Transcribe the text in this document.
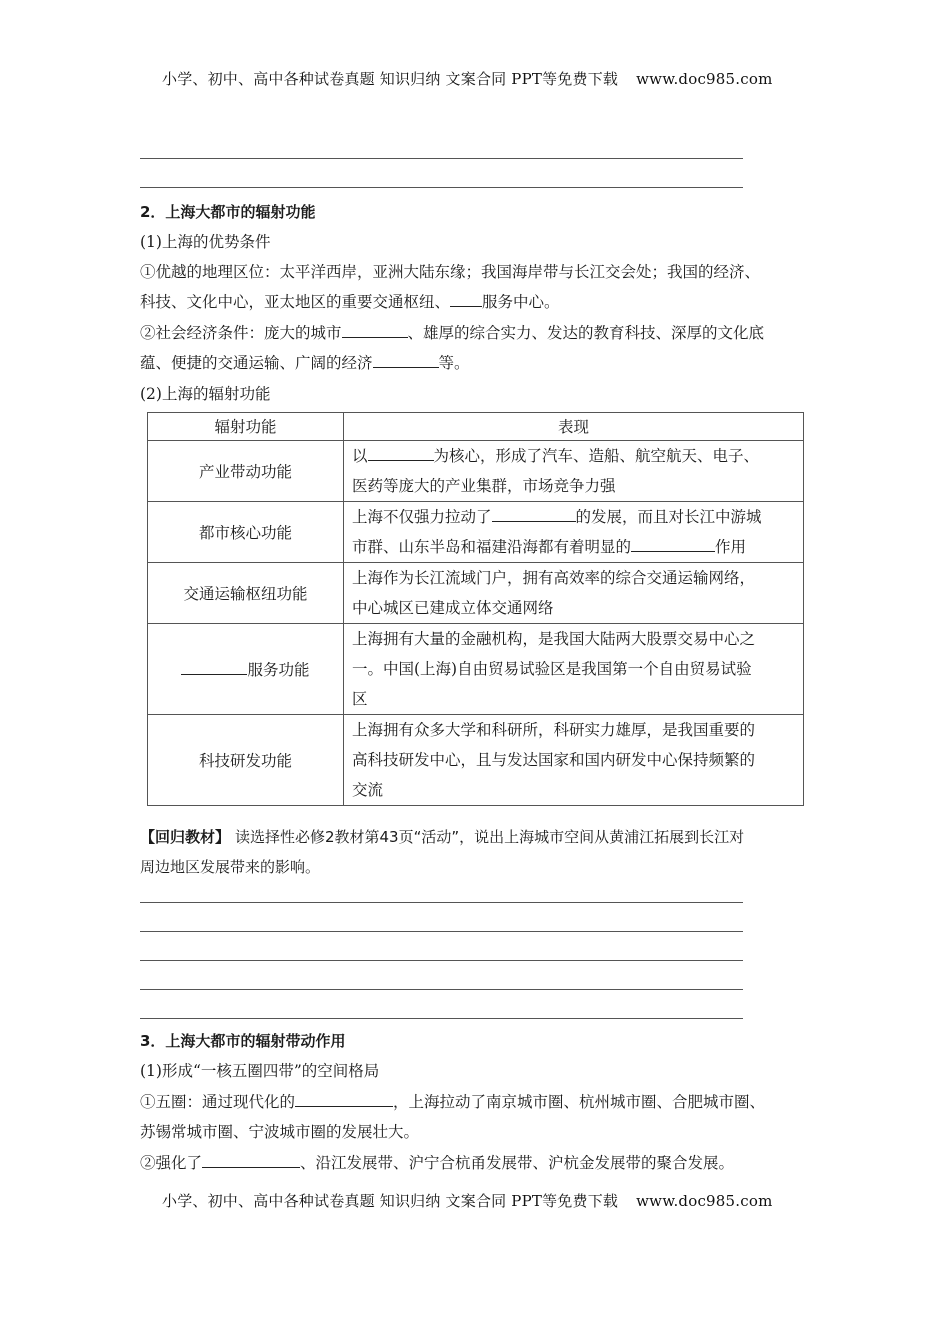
小学、初中、高中各种试卷真题 知识归纳 文案合同 PPT等免费下载 www.doc985.com
2．上海大都市的辐射功能
(1)上海的优势条件
①优越的地理区位：太平洋西岸，亚洲大陆东缘；我国海岸带与长江交会处；我国的经济、
科技、文化中心，亚太地区的重要交通枢纽、 服务中心。
②社会经济条件：庞大的城市	、雄厚的综合实力、发达的教育科技、深厚的文化底
蕴、便捷的交通运输、广阔的经济	等。
(2)上海的辐射功能
辐射功能	表现
产业带动功能	以 为核心，形成了汽车、造船、航空航天、电子、
医药等庞大的产业集群，市场竞争力强
都市核心功能	上海不仅强力拉动了 的发展，而且对长江中游城
市群、山东半岛和福建沿海都有着明显的 作用
交通运输枢纽功能	上海作为长江流域门户，拥有高效率的综合交通运输网络，
中心城区已建成立体交通网络
服务功能	上海拥有大量的金融机构，是我国大陆两大股票交易中心之
一。中国(上海)自由贸易试验区是我国第一个自由贸易试验
区
科技研发功能	上海拥有众多大学和科研所，科研实力雄厚，是我国重要的
高科技研发中心，且与发达国家和国内研发中心保持频繁的
交流
【回归教材】 读选择性必修2教材第43页“活动”，说出上海城市空间从黄浦江拓展到长江对
周边地区发展带来的影响。
3．上海大都市的辐射带动作用
(1)形成“一核五圈四带”的空间格局
①五圈：通过现代化的	，上海拉动了南京城市圈、杭州城市圈、合肥城市圈、
苏锡常城市圈、宁波城市圈的发展壮大。
②强化了	、沿江发展带、沪宁合杭甬发展带、沪杭金发展带的聚合发展。
小学、初中、高中各种试卷真题 知识归纳 文案合同 PPT等免费下载 www.doc985.com
